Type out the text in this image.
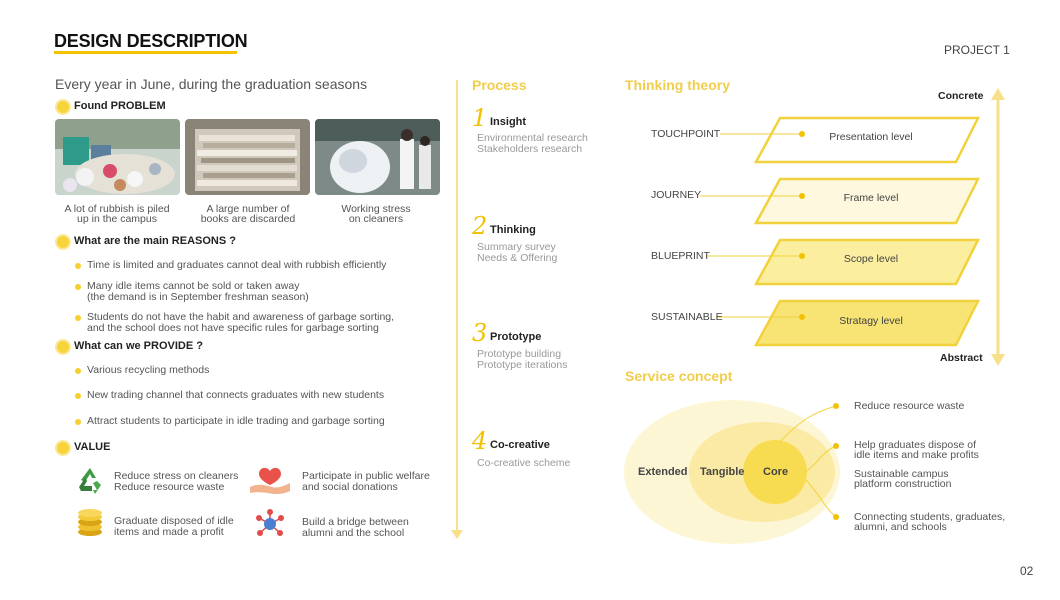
DESIGN DESCRIPTION	PROJECT 1
02
Every year in June, during the graduation seasons
Found PROBLEM
A lot of rubbish is piled
up in the campus
A large number of
books are discarded
Working stress
on cleaners
What are the main REASONS ?
Time is limited and graduates cannot deal with rubbish efficiently
Many idle items cannot be sold or taken away
(the demand is in September freshman season)
Students do not have the habit and awareness of garbage sorting,
and the school does not have specific rules for garbage sorting
What can we PROVIDE ?
Various recycling methods
New trading channel that connects graduates with new students
Attract students to participate in idle trading and garbage sorting
VALUE
Reduce stress on cleaners
Reduce resource waste
Participate in public welfare
and social donations
Graduate disposed of idle
items and made a profit
Build a bridge between
alumni and the school
Process
1 Insight
Environmental research
Stakeholders research
2 Thinking
Summary survey
Needs & Offering
3 Prototype
Prototype building
Prototype iterations
4 Co-creative
Co-creative scheme
Thinking theory
Concrete
Abstract
TOUCHPOINT
JOURNEY
BLUEPRINT
SUSTAINABLE
Presentation level
Frame level
Scope level
Stratagy level
Service concept
Extended Tangible Core
Reduce resource waste
Help graduates dispose of
idle items and make profits
Sustainable campus
platform construction
Connecting students, graduates,
alumni, and schools
